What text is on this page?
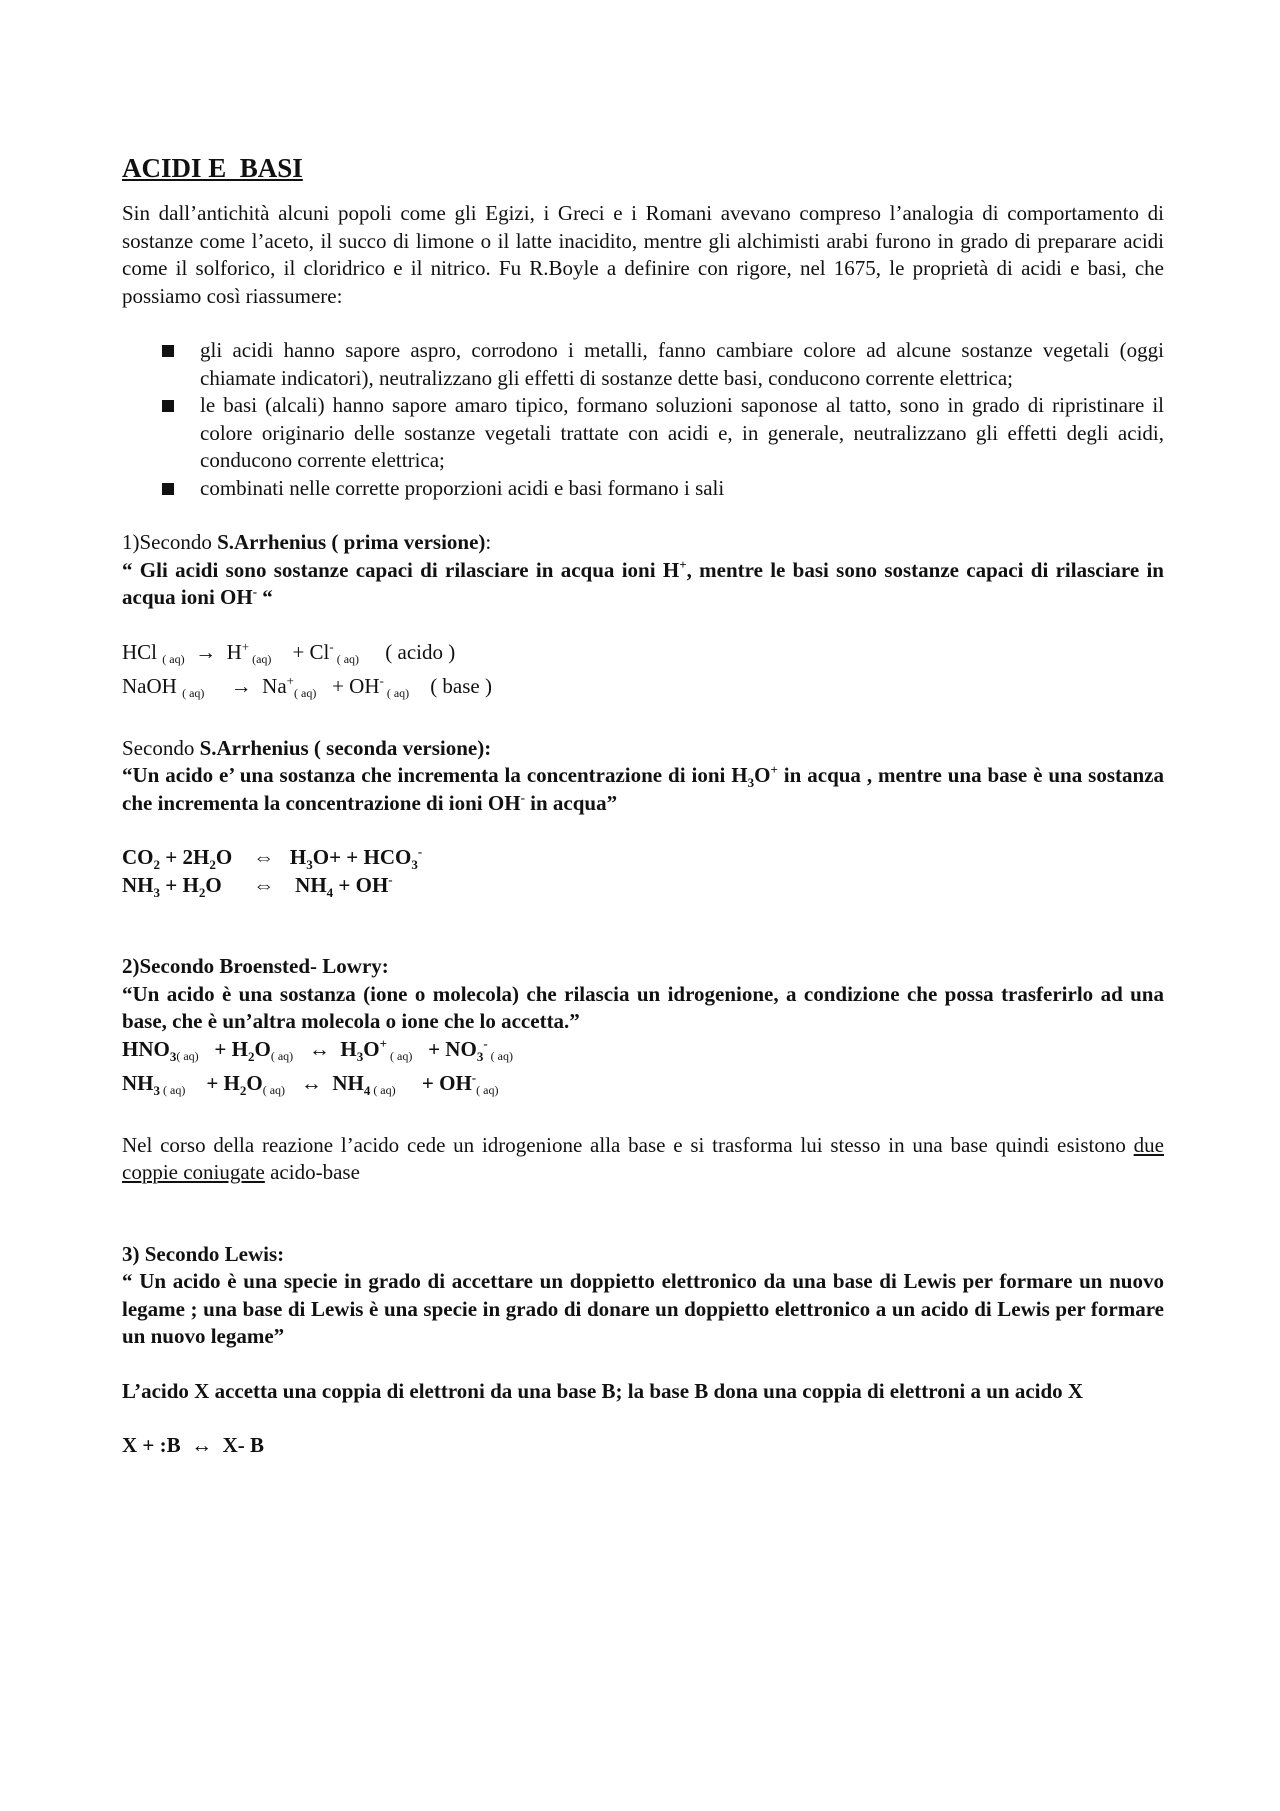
ACIDI E  BASI

Sin dall’antichità alcuni popoli come gli Egizi, i Greci e i Romani avevano compreso l’analogia di comportamento di sostanze come l’aceto, il succo di limone o il latte inacidito, mentre gli alchimisti arabi furono in grado di preparare acidi come il solforico, il cloridrico e il nitrico. Fu R.Boyle a definire con rigore, nel 1675, le proprietà di acidi e basi, che possiamo così riassumere:

gli acidi hanno sapore aspro, corrodono i metalli, fanno cambiare colore ad alcune sostanze vegetali (oggi chiamate indicatori), neutralizzano gli effetti di sostanze dette basi, conducono corrente elettrica;
le basi (alcali) hanno sapore amaro tipico, formano soluzioni saponose al tatto, sono in grado di ripristinare il colore originario delle sostanze vegetali trattate con acidi e, in generale, neutralizzano gli effetti degli acidi, conducono corrente elettrica;
combinati nelle corrette proporzioni acidi e basi formano i sali
1)Secondo S.Arrhenius ( prima versione):
“ Gli acidi sono sostanze capaci di rilasciare in acqua ioni H+, mentre le basi sono sostanze capaci di rilasciare in acqua ioni OH- “
HCl ( aq)  →  H+ (aq)    + Cl- ( aq)     ( acido )
NaOH ( aq)     →  Na+( aq)   + OH- ( aq)    ( base )
Secondo S.Arrhenius ( seconda versione):
“Un acido e’ una sostanza che incrementa la concentrazione di ioni $H_3O^+$ in acqua , mentre una base è una sostanza che incrementa la concentrazione di ioni OH- in acqua”
$CO_2 + 2H_2O$    ⇔   $H_3O+ + HCO_3^-$
$NH_3 + H_2O$      ⇔    $NH_4 + OH^-$
2)Secondo Broensted- Lowry:
“Un acido è una sostanza (ione o molecola) che rilascia un idrogenione, a condizione che possa trasferirlo ad una base, che è un’altra molecola o ione che lo accetta.”
$HNO_3$( $aq) + H_2O$( aq)   ↔  $H_3O^+$ ( $aq) + NO_3^-$ ( aq)
$NH_3$ ( aq)    + $H_2O$( aq)   ↔  $NH_4$ ( aq)     + OH-( aq)
Nel corso della reazione l’acido cede un idrogenione alla base e si trasforma lui stesso in una base quindi esistono due coppie coniugate acido-base
3) Secondo Lewis:
“ Un acido è una specie in grado di accettare un doppietto elettronico da una base di Lewis per formare un nuovo legame ; una base di Lewis è una specie in grado di donare un doppietto elettronico a un acido di Lewis per formare un nuovo legame”
L’acido X accetta una coppia di elettroni da una base B; la base B dona una coppia di elettroni a un acido X
X + :B  ↔  X- B
